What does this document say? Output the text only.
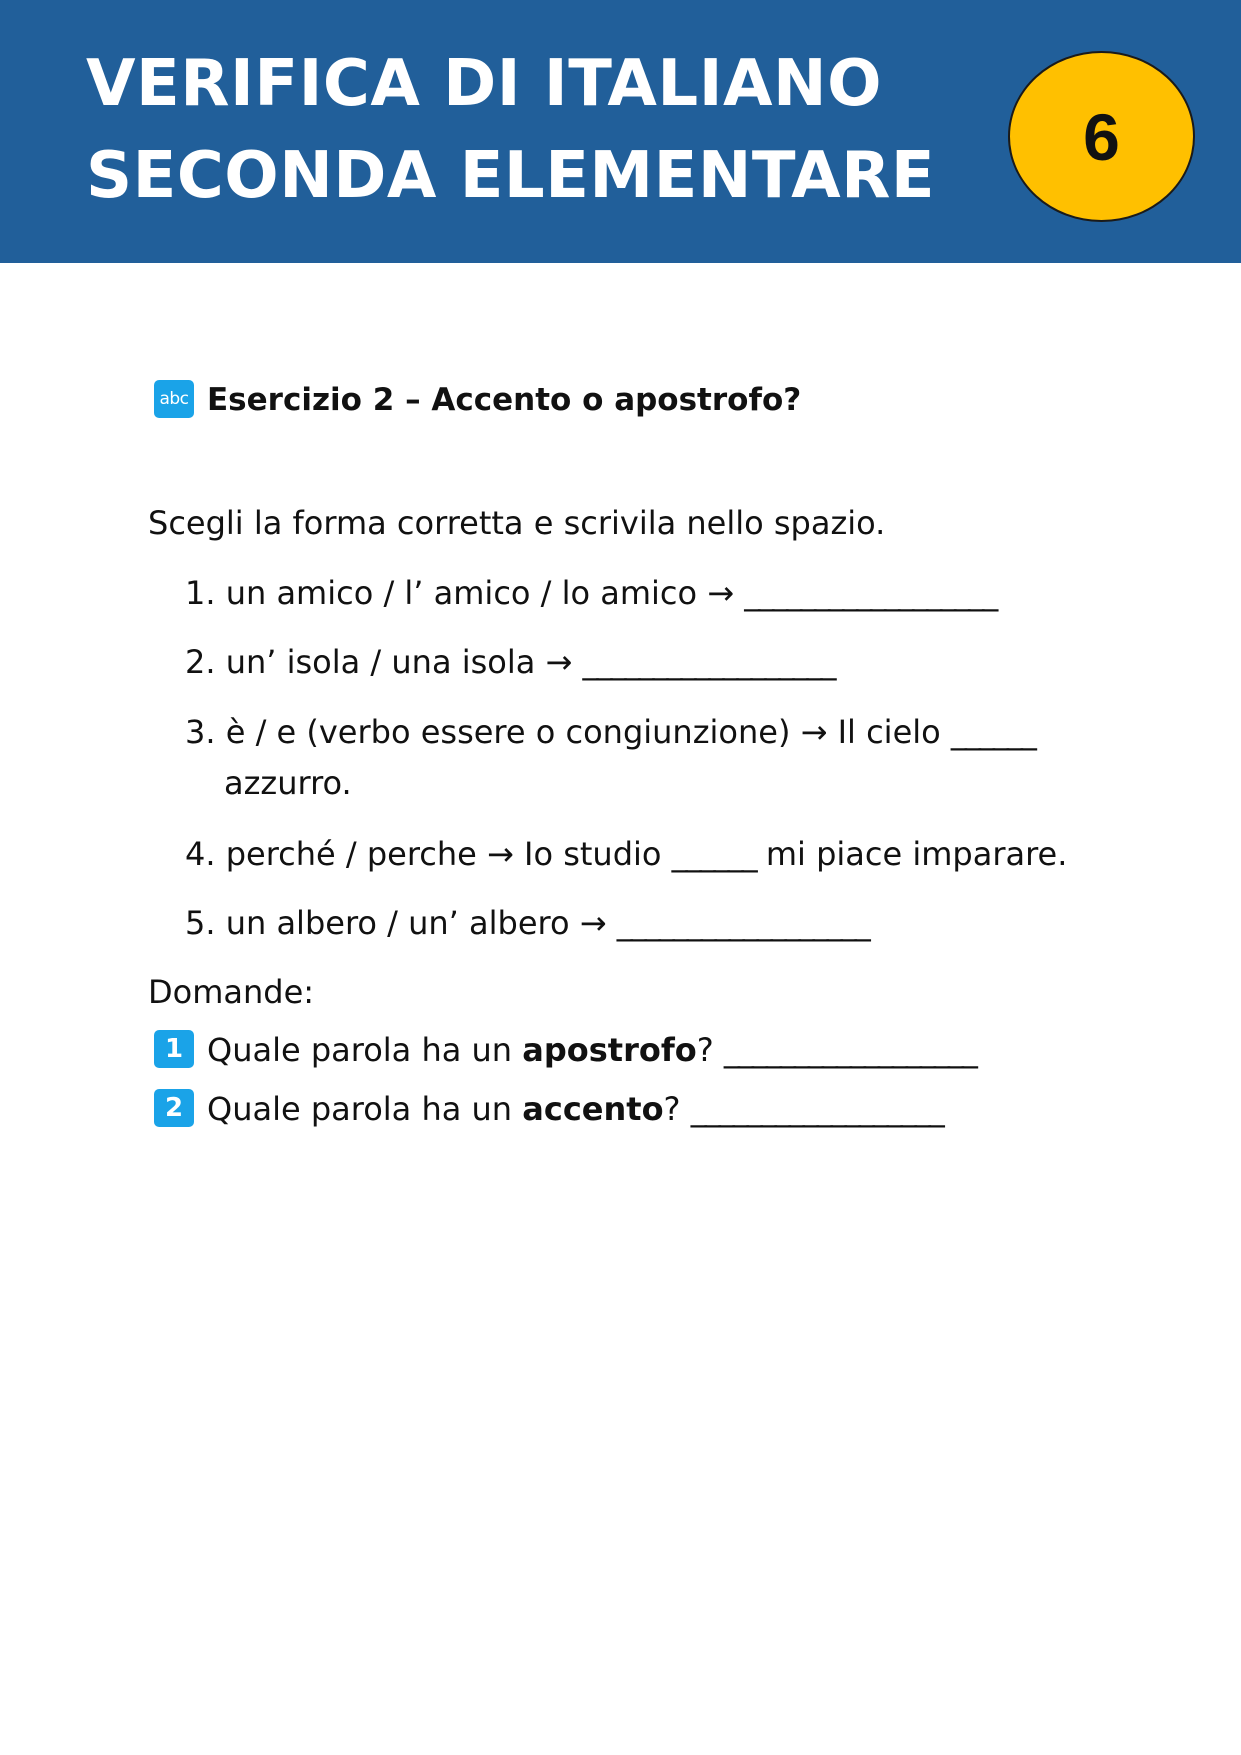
VERIFICA DI ITALIANO
SECONDA ELEMENTARE
6
abc Esercizio 2 – Accento o apostrofo?
Scegli la forma corretta e scrivila nello spazio.
1. un amico / l’ amico / lo amico → __________________
2. un’ isola / una isola → __________________
3. è / e (verbo essere o congiunzione) → Il cielo ______
azzurro.
4. perché / perche → Io studio ______ mi piace imparare.
5. un albero / un’ albero → __________________
Domande:
1 Quale parola ha un apostrofo? __________________
2 Quale parola ha un accento? __________________
